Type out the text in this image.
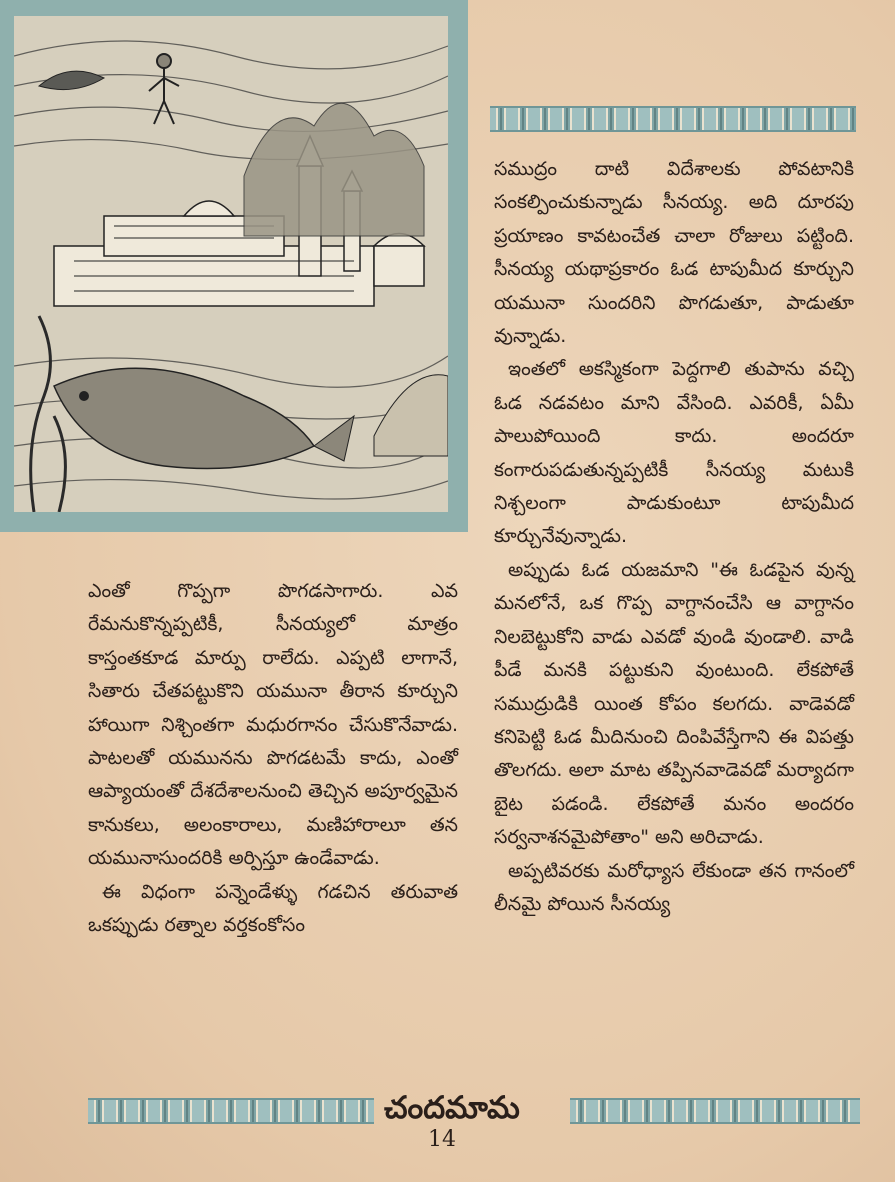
సముద్రం దాటి విదేశాలకు పోవటానికి సంకల్పించుకున్నాడు సీనయ్య. అది దూరపు ప్రయాణం కావటంచేత చాలా రోజులు పట్టింది. సీనయ్య యథాప్రకారం ఓడ టాపుమీద కూర్చుని యమునా సుందరిని పొగడుతూ, పాడుతూ వున్నాడు.

ఇంతలో అకస్మికంగా పెద్దగాలి తుపాను వచ్చి ఓడ నడవటం మాని వేసింది. ఎవరికీ, ఏమీ పాలుపోయింది కాదు. అందరూ కంగారుపడుతున్నప్పటికీ సీనయ్య మటుకి నిశ్చలంగా పాడుకుంటూ టాపుమీద కూర్చునేవున్నాడు.

అప్పుడు ఓడ యజమాని "ఈ ఓడపైన వున్న మనలోనే, ఒక గొప్ప వాగ్దానంచేసి ఆ వాగ్దానం నిలబెట్టుకోని వాడు ఎవడో వుండి వుండాలి. వాడి పీడే మనకి పట్టుకుని వుంటుంది. లేకపోతే సముద్రుడికి యింత కోపం కలగదు. వాడెవడో కనిపెట్టి ఓడ మీదినుంచి దింపివేస్తేగాని ఈ విపత్తు తొలగదు. అలా మాట తప్పినవాడెవడో మర్యాదగా బైట పడండి. లేకపోతే మనం అందరం సర్వనాశనమైపోతాం" అని అరిచాడు.

అప్పటివరకు మరోధ్యాస లేకుండా తన గానంలో లీనమై పోయిన సీనయ్య

ఎంతో గొప్పగా పొగడసాగారు. ఎవ రేమనుకొన్నప్పటికీ, సీనయ్యలో మాత్రం కాస్తంతకూడ మార్పు రాలేదు. ఎప్పటి లాగానే, సితారు చేతపట్టుకొని యమునా తీరాన కూర్చుని హాయిగా నిశ్చింతగా మధురగానం చేసుకొనేవాడు. పాటలతో యమునను పొగడటమే కాదు, ఎంతో ఆప్యాయంతో దేశదేశాలనుంచి తెచ్చిన అపూర్వమైన కానుకలు, అలంకారాలు, మణిహారాలూ తన యమునాసుందరికి అర్పిస్తూ ఉండేవాడు.

ఈ విధంగా పన్నెండేళ్ళు గడచిన తరువాత ఒకప్పుడు రత్నాల వర్తకంకోసం

చందమామ
14
